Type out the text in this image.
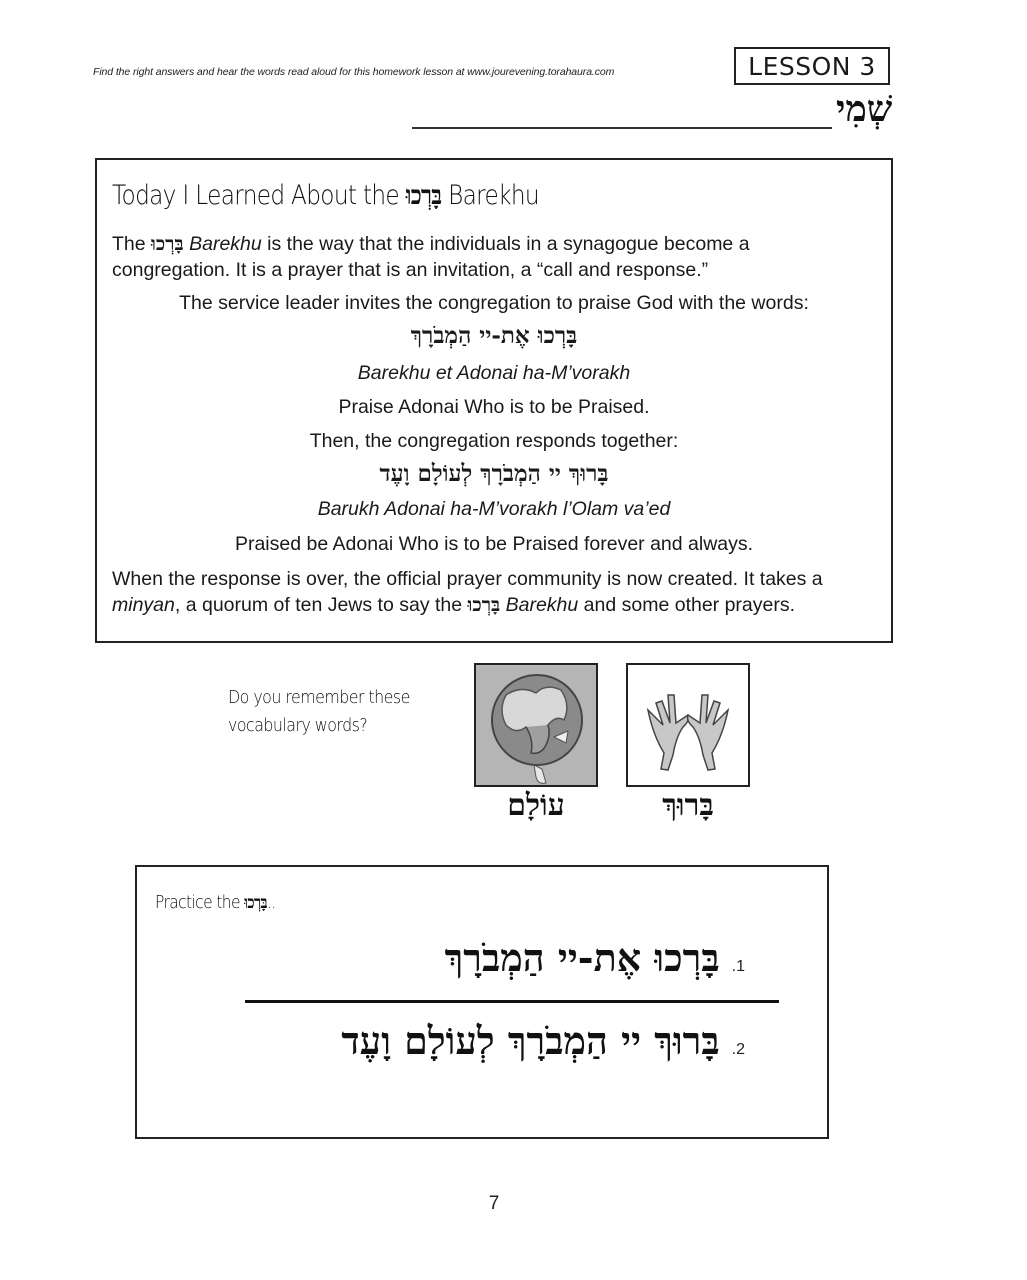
Find the right answers and hear the words read aloud for this homework lesson at www.jourevening.torahaura.com	LESSON 3
שְׁמִי
Today I Learned About the בָּרְכוּ Barekhu
The בָּרְכוּ Barekhu is the way that the individuals in a synagogue become a
congregation. It is a prayer that is an invitation, a “call and response.”
The service leader invites the congregation to praise God with the words:
בָּרְכוּ אֶת-יי הַמְבֹרָךְ
Barekhu et Adonai ha-M’vorakh
Praise Adonai Who is to be Praised.
Then, the congregation responds together:
בָּרוּךְ יי הַמְבֹרָךְ לְעוֹלָם וָעֶד
Barukh Adonai ha-M’vorakh l’Olam va’ed
Praised be Adonai Who is to be Praised forever and always.
When the response is over, the official prayer community is now created. It takes a
minyan, a quorum of ten Jews to say the בָּרְכוּ Barekhu and some other prayers.
Do you remember these
vocabulary words?
עוֹלָם	בָּרוּךְ
Practice the בָּרְכוּ..
בָּרְכוּ אֶת-יי הַמְבֹרָךְ .1
בָּרוּךְ יי הַמְבֹרָךְ לְעוֹלָם וָעֶד .2
7
